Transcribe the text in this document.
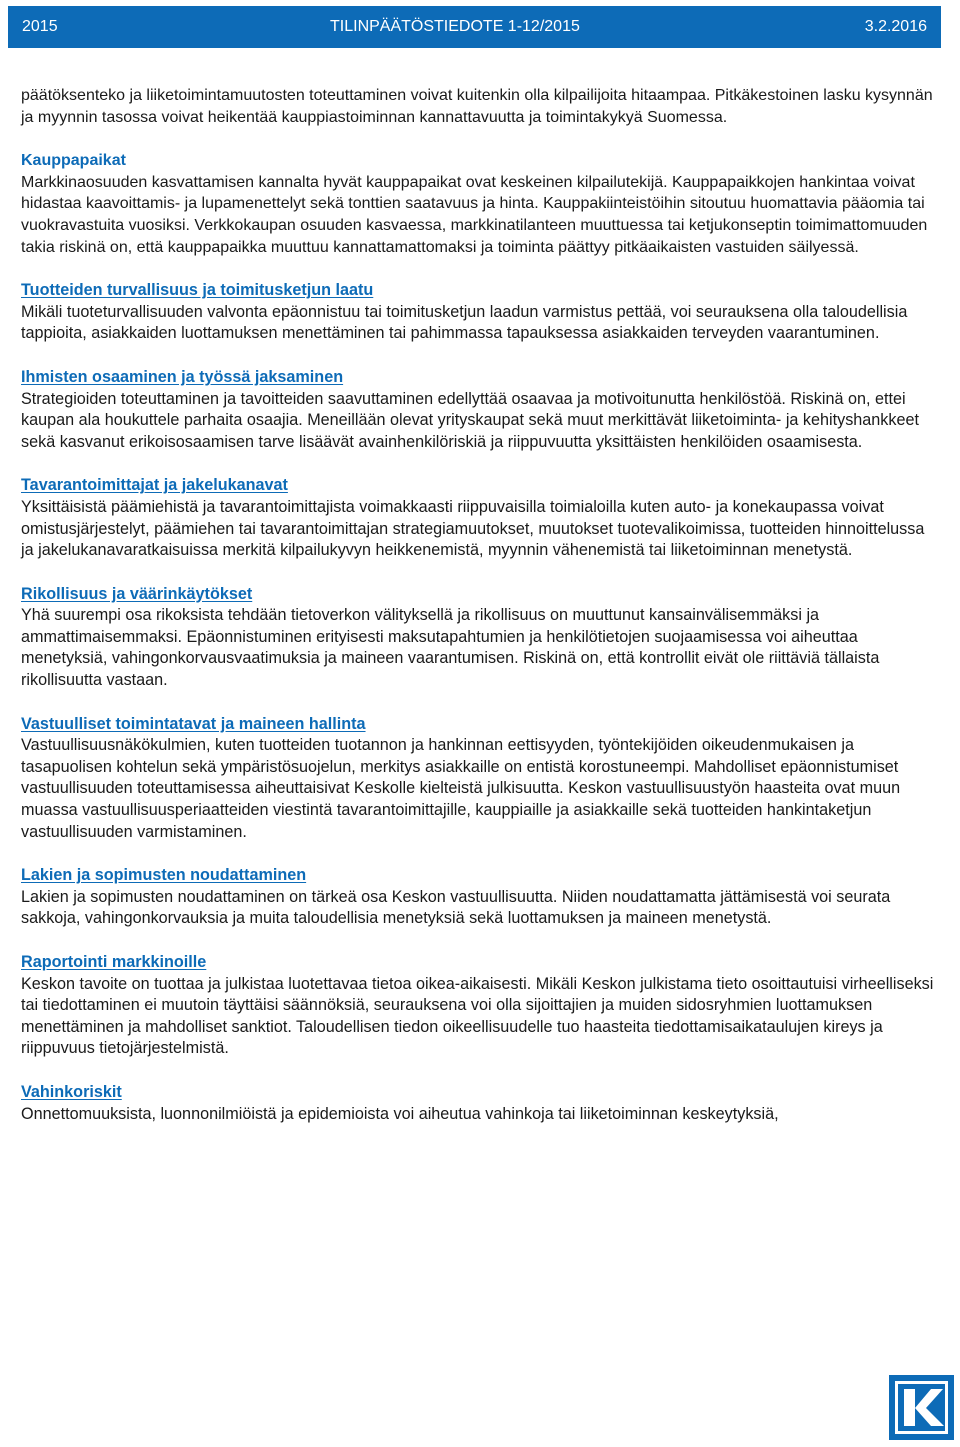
2015	TILINPÄÄTÖSTIEDOTE 1-12/2015	3.2.2016
päätöksenteko ja liiketoimintamuutosten toteuttaminen voivat kuitenkin olla kilpailijoita hitaampaa. Pitkäkestoinen lasku kysynnän ja myynnin tasossa voivat heikentää kauppiastoiminnan kannattavuutta ja toimintakykyä Suomessa.
Kauppapaikat
Markkinaosuuden kasvattamisen kannalta hyvät kauppapaikat ovat keskeinen kilpailutekijä. Kauppapaikkojen hankintaa voivat hidastaa kaavoittamis- ja lupamenettelyt sekä tonttien saatavuus ja hinta. Kauppakiinteistöihin sitoutuu huomattavia pääomia tai vuokravastuita vuosiksi. Verkkokaupan osuuden kasvaessa, markkinatilanteen muuttuessa tai ketjukonseptin toimimattomuuden takia riskinä on, että kauppapaikka muuttuu kannattamattomaksi ja toiminta päättyy pitkäaikaisten vastuiden säilyessä.
Tuotteiden turvallisuus ja toimitusketjun laatu
Mikäli tuoteturvallisuuden valvonta epäonnistuu tai toimitusketjun laadun varmistus pettää, voi seurauksena olla taloudellisia tappioita, asiakkaiden luottamuksen menettäminen tai pahimmassa tapauksessa asiakkaiden terveyden vaarantuminen.
Ihmisten osaaminen ja työssä jaksaminen
Strategioiden toteuttaminen ja tavoitteiden saavuttaminen edellyttää osaavaa ja motivoitunutta henkilöstöä. Riskinä on, ettei kaupan ala houkuttele parhaita osaajia. Meneillään olevat yrityskaupat sekä muut merkittävät liiketoiminta- ja kehityshankkeet sekä kasvanut erikoisosaamisen tarve lisäävät avainhenkilöriskiä ja riippuvuutta yksittäisten henkilöiden osaamisesta.
Tavarantoimittajat ja jakelukanavat
Yksittäisistä päämiehistä ja tavarantoimittajista voimakkaasti riippuvaisilla toimialoilla kuten auto- ja konekaupassa voivat omistusjärjestelyt, päämiehen tai tavarantoimittajan strategiamuutokset, muutokset tuotevalikoimissa, tuotteiden hinnoittelussa ja jakelukanavaratkaisuissa merkitä kilpailukyvyn heikkenemistä, myynnin vähenemistä tai liiketoiminnan menetystä.
Rikollisuus ja väärinkäytökset
Yhä suurempi osa rikoksista tehdään tietoverkon välityksellä ja rikollisuus on muuttunut kansainvälisemmäksi ja ammattimaisemmaksi. Epäonnistuminen erityisesti maksutapahtumien ja henkilötietojen suojaamisessa voi aiheuttaa menetyksiä, vahingonkorvausvaatimuksia ja maineen vaarantumisen. Riskinä on, että kontrollit eivät ole riittäviä tällaista rikollisuutta vastaan.
Vastuulliset toimintatavat ja maineen hallinta
Vastuullisuusnäkökulmien, kuten tuotteiden tuotannon ja hankinnan eettisyyden, työntekijöiden oikeudenmukaisen ja tasapuolisen kohtelun sekä ympäristösuojelun, merkitys asiakkaille on entistä korostuneempi. Mahdolliset epäonnistumiset vastuullisuuden toteuttamisessa aiheuttaisivat Keskolle kielteistä julkisuutta. Keskon vastuullisuustyön haasteita ovat muun muassa vastuullisuusperiaatteiden viestintä tavarantoimittajille, kauppiaille ja asiakkaille sekä tuotteiden hankintaketjun vastuullisuuden varmistaminen.
Lakien ja sopimusten noudattaminen
Lakien ja sopimusten noudattaminen on tärkeä osa Keskon vastuullisuutta. Niiden noudattamatta jättämisestä voi seurata sakkoja, vahingonkorvauksia ja muita taloudellisia menetyksiä sekä luottamuksen ja maineen menetystä.
Raportointi markkinoille
Keskon tavoite on tuottaa ja julkistaa luotettavaa tietoa oikea-aikaisesti. Mikäli Keskon julkistama tieto osoittautuisi virheelliseksi tai tiedottaminen ei muutoin täyttäisi säännöksiä, seurauksena voi olla sijoittajien ja muiden sidosryhmien luottamuksen menettäminen ja mahdolliset sanktiot. Taloudellisen tiedon oikeellisuudelle tuo haasteita tiedottamisaikataulujen kireys ja riippuvuus tietojärjestelmistä.
Vahinkoriskit
Onnettomuuksista, luonnonilmiöistä ja epidemioista voi aiheutua vahinkoja tai liiketoiminnan keskeytyksiä,
